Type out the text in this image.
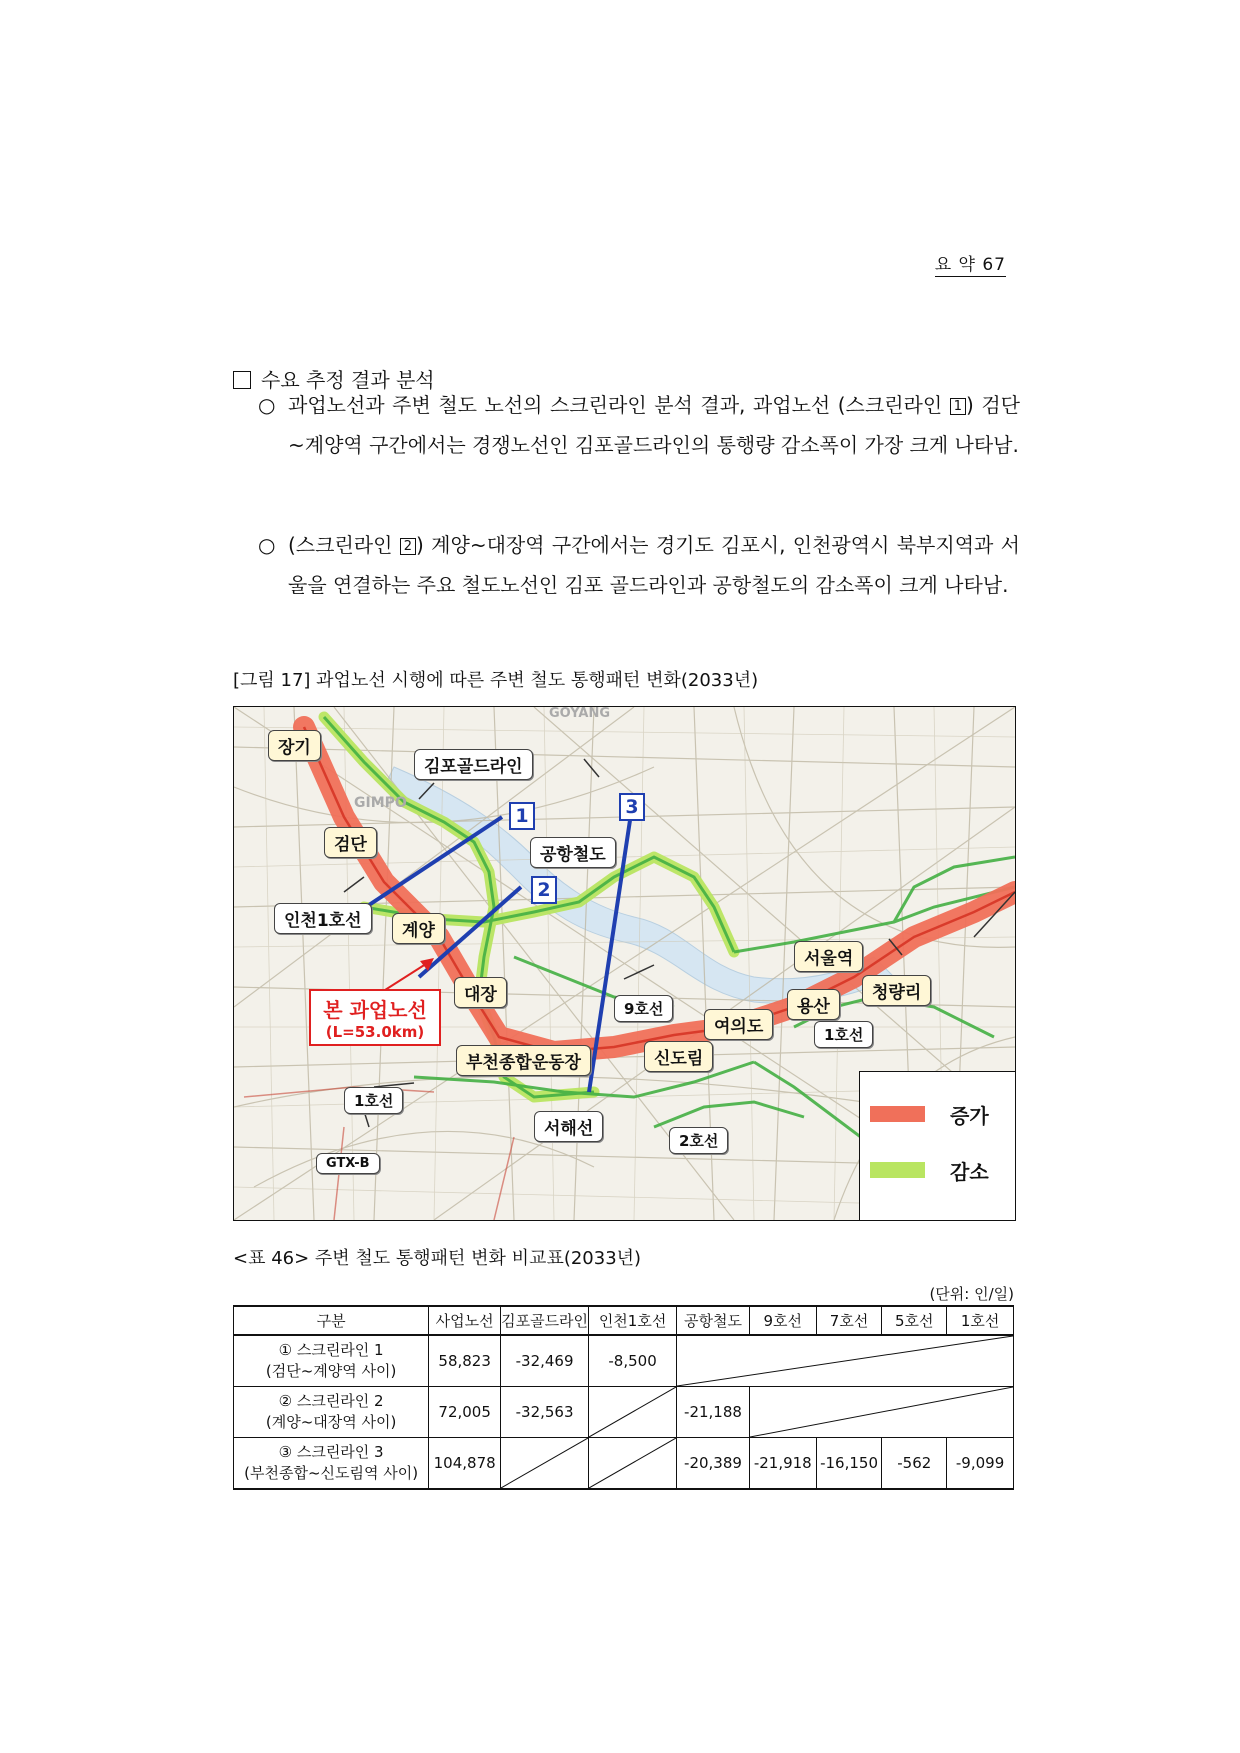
요 약 67
수요 추정 결과 분석
○ 과업노선과 주변 철도 노선의 스크린라인 분석 결과, 과업노선 (스크린라인 1 ) 검단~계양역 구간에서는 경쟁노선인 김포골드라인의 통행량 감소폭이 가장 크게 나타남.
○ (스크린라인 2 ) 계양~대장역 구간에서는 경기도 김포시, 인천광역시 북부지역과 서울을 연결하는 주요 철도노선인 김포 골드라인과 공항철도의 감소폭이 크게 나타남.
[그림 17] 과업노선 시행에 따른 주변 철도 통행패턴 변화(2033년)
GIMPO
GOYANG
장기
김포골드라인
검단	공항철도
인천1호선	계양
서울역
청량리
대장
9호선	용산
여의도	1호선
부천종합운동장	신도림
1호선
서해선
2호선
GTX-B
1
2
3
본 과업노선
(L=53.0km)
증가
감소
<표 46> 주변 철도 통행패턴 변화 비교표(2033년)
(단위: 인/일)
구분	사업노선	김포골드라인	인천1호선	공항철도	9호선	7호선	5호선	1호선
① 스크린라인 1
(검단~계양역 사이)	58,823	-32,469	-8,500	

② 스크린라인 2
(계양~대장역 사이)	72,005	-32,563		-21,188	

③ 스크린라인 3
(부천종합~신도림역 사이)	104,878			-20,389	-21,918	-16,150	-562	-9,099
